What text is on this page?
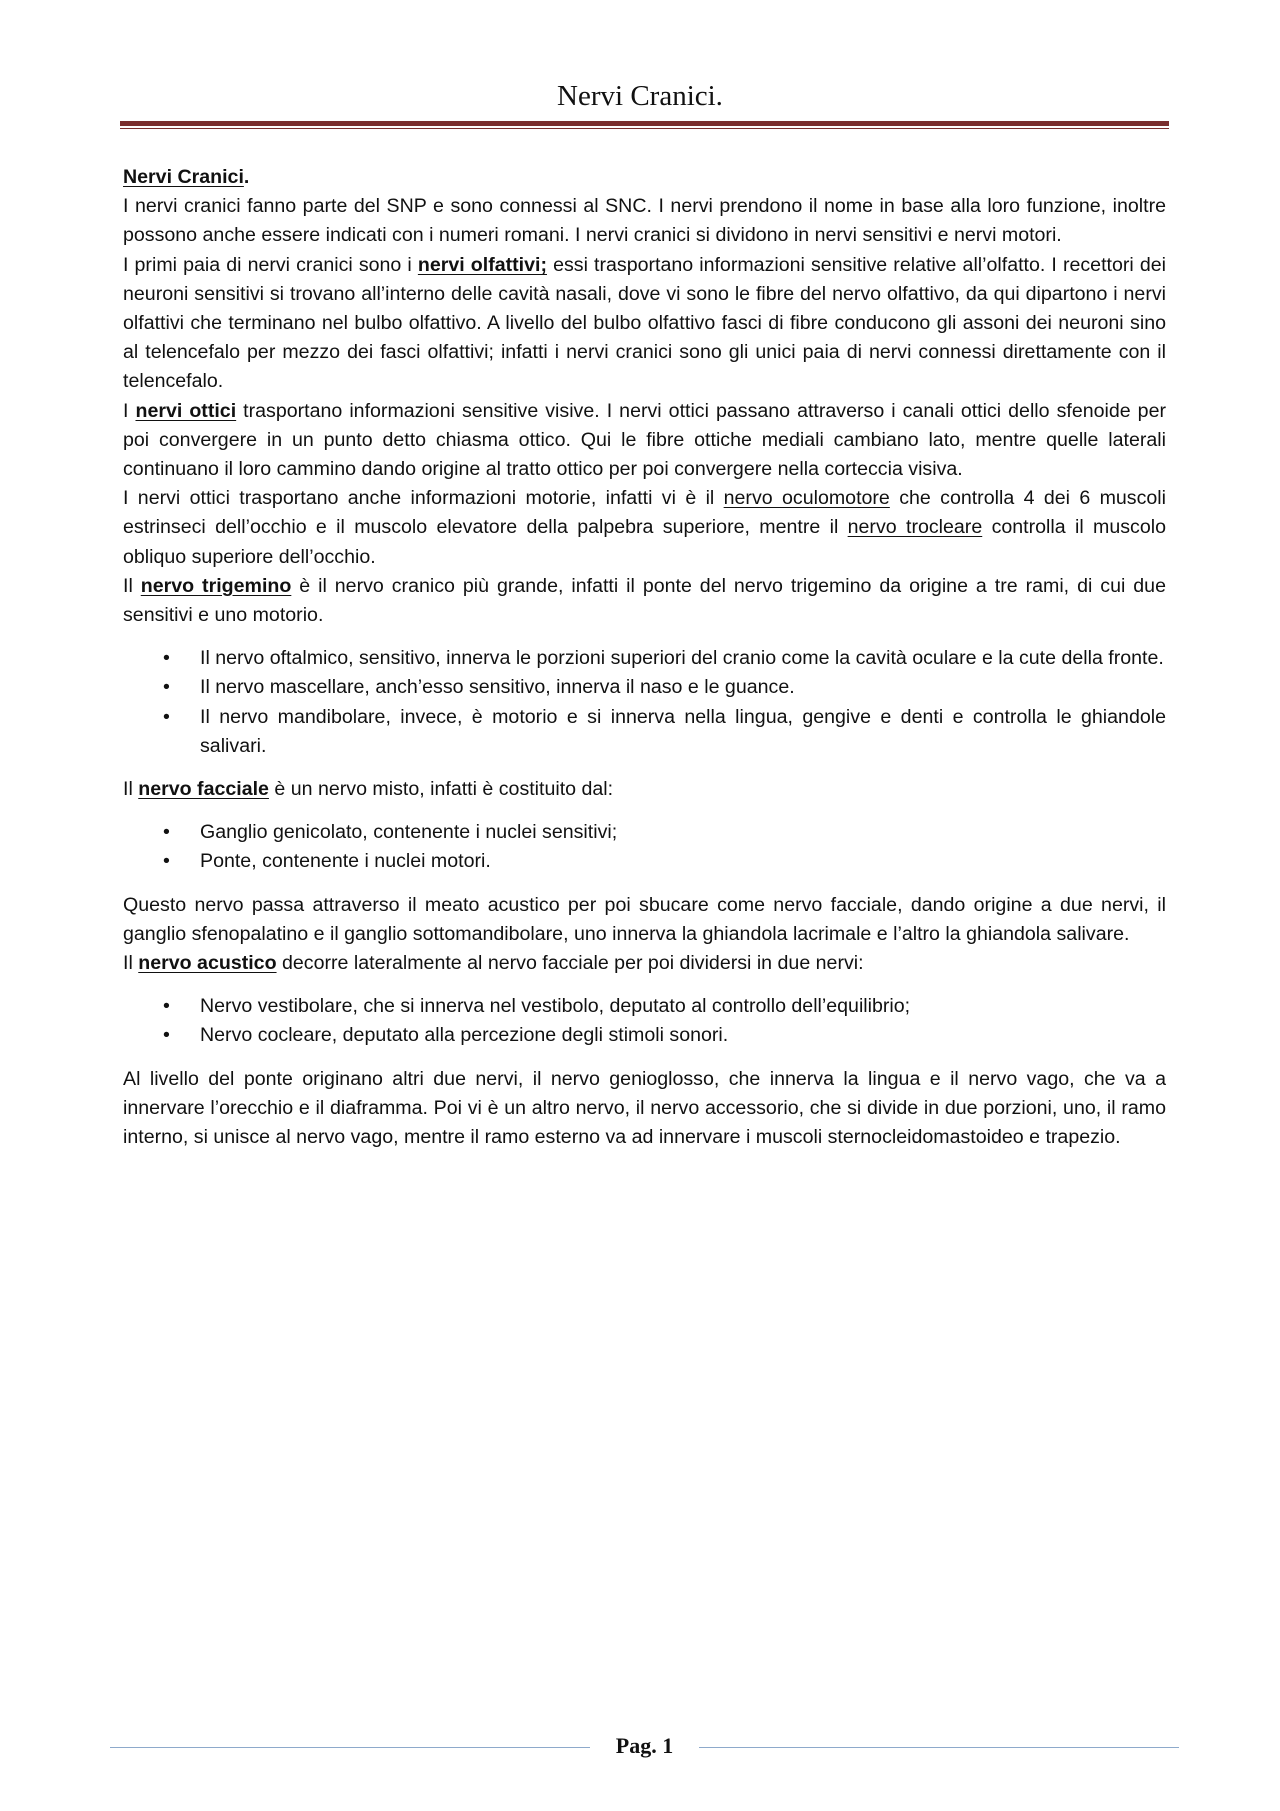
Nervi Cranici.

Nervi Cranici.

I nervi cranici fanno parte del SNP e sono connessi al SNC. I nervi prendono il nome in base alla loro funzione, inoltre possono anche essere indicati con i numeri romani. I nervi cranici si dividono in nervi sensitivi e nervi motori.

I primi paia di nervi cranici sono i nervi olfattivi; essi trasportano informazioni sensitive relative all’olfatto. I recettori dei neuroni sensitivi si trovano all’interno delle cavità nasali, dove vi sono le fibre del nervo olfattivo, da qui dipartono i nervi olfattivi che terminano nel bulbo olfattivo. A livello del bulbo olfattivo fasci di fibre conducono gli assoni dei neuroni sino al telencefalo per mezzo dei fasci olfattivi; infatti i nervi cranici sono gli unici paia di nervi connessi direttamente con il telencefalo.

I nervi ottici trasportano informazioni sensitive visive. I nervi ottici passano attraverso i canali ottici dello sfenoide per poi convergere in un punto detto chiasma ottico. Qui le fibre ottiche mediali cambiano lato, mentre quelle laterali continuano il loro cammino dando origine al tratto ottico per poi convergere nella corteccia visiva.

I nervi ottici trasportano anche informazioni motorie, infatti vi è il nervo oculomotore che controlla 4 dei 6 muscoli estrinseci dell’occhio e il muscolo elevatore della palpebra superiore, mentre il nervo trocleare controlla il muscolo obliquo superiore dell’occhio.

Il nervo trigemino è il nervo cranico più grande, infatti il ponte del nervo trigemino da origine a tre rami, di cui due sensitivi e uno motorio.

• Il nervo oftalmico, sensitivo, innerva le porzioni superiori del cranio come la cavità oculare e la cute della fronte.
• Il nervo mascellare, anch’esso sensitivo, innerva il naso e le guance.
• Il nervo mandibolare, invece, è motorio e si innerva nella lingua, gengive e denti e controlla le ghiandole salivari.

Il nervo facciale è un nervo misto, infatti è costituito dal:

• Ganglio genicolato, contenente i nuclei sensitivi;
• Ponte, contenente i nuclei motori.

Questo nervo passa attraverso il meato acustico per poi sbucare come nervo facciale, dando origine a due nervi, il ganglio sfenopalatino e il ganglio sottomandibolare, uno innerva la ghiandola lacrimale e l’altro la ghiandola salivare.

Il nervo acustico decorre lateralmente al nervo facciale per poi dividersi in due nervi:

• Nervo vestibolare, che si innerva nel vestibolo, deputato al controllo dell’equilibrio;
• Nervo cocleare, deputato alla percezione degli stimoli sonori.

Al livello del ponte originano altri due nervi, il nervo genioglosso, che innerva la lingua e il nervo vago, che va a innervare l’orecchio e il diaframma. Poi vi è un altro nervo, il nervo accessorio, che si divide in due porzioni, uno, il ramo interno, si unisce al nervo vago, mentre il ramo esterno va ad innervare i muscoli sternocleidomastoideo e trapezio.

Pag. 1
